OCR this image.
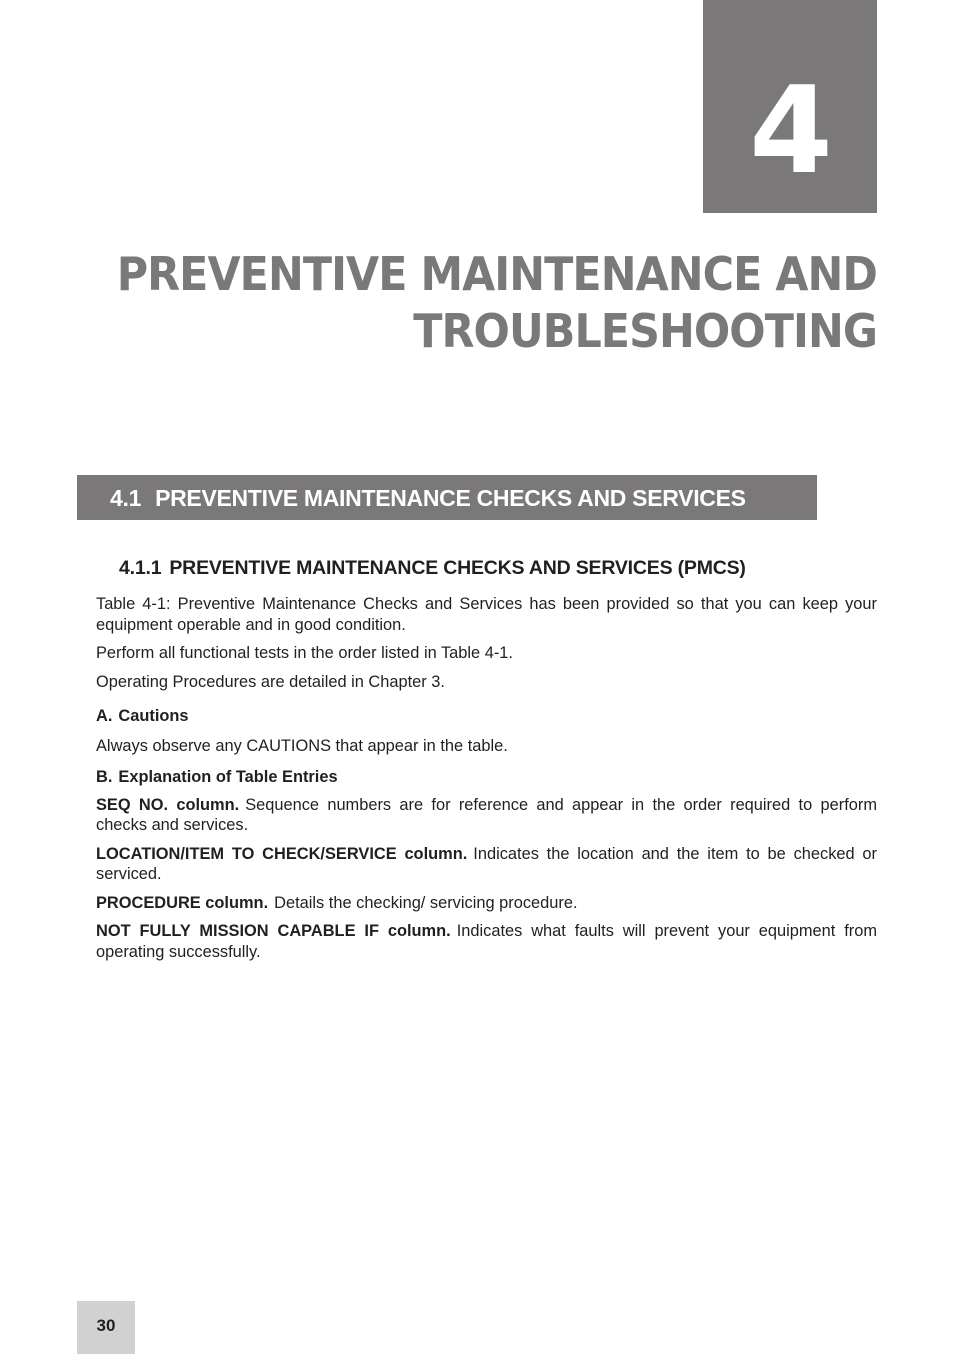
4
PREVENTIVE MAINTENANCE AND
TROUBLESHOOTING
4.1 PREVENTIVE MAINTENANCE CHECKS AND SERVICES
4.1.1 PREVENTIVE MAINTENANCE CHECKS AND SERVICES (PMCS)

Table 4-1: Preventive Maintenance Checks and Services has been provided so that you can keep your equipment operable and in good condition.

Perform all functional tests in the order listed in Table 4-1.

Operating Procedures are detailed in Chapter 3.

A. Cautions

Always observe any CAUTIONS that appear in the table.

B. Explanation of Table Entries

SEQ NO. column. Sequence numbers are for reference and appear in the order required to perform checks and services.

LOCATION/ITEM TO CHECK/SERVICE column. Indicates the location and the item to be checked or serviced.

PROCEDURE column. Details the checking/ servicing procedure.

NOT FULLY MISSION CAPABLE IF column. Indicates what faults will prevent your equipment from operating successfully.

30
